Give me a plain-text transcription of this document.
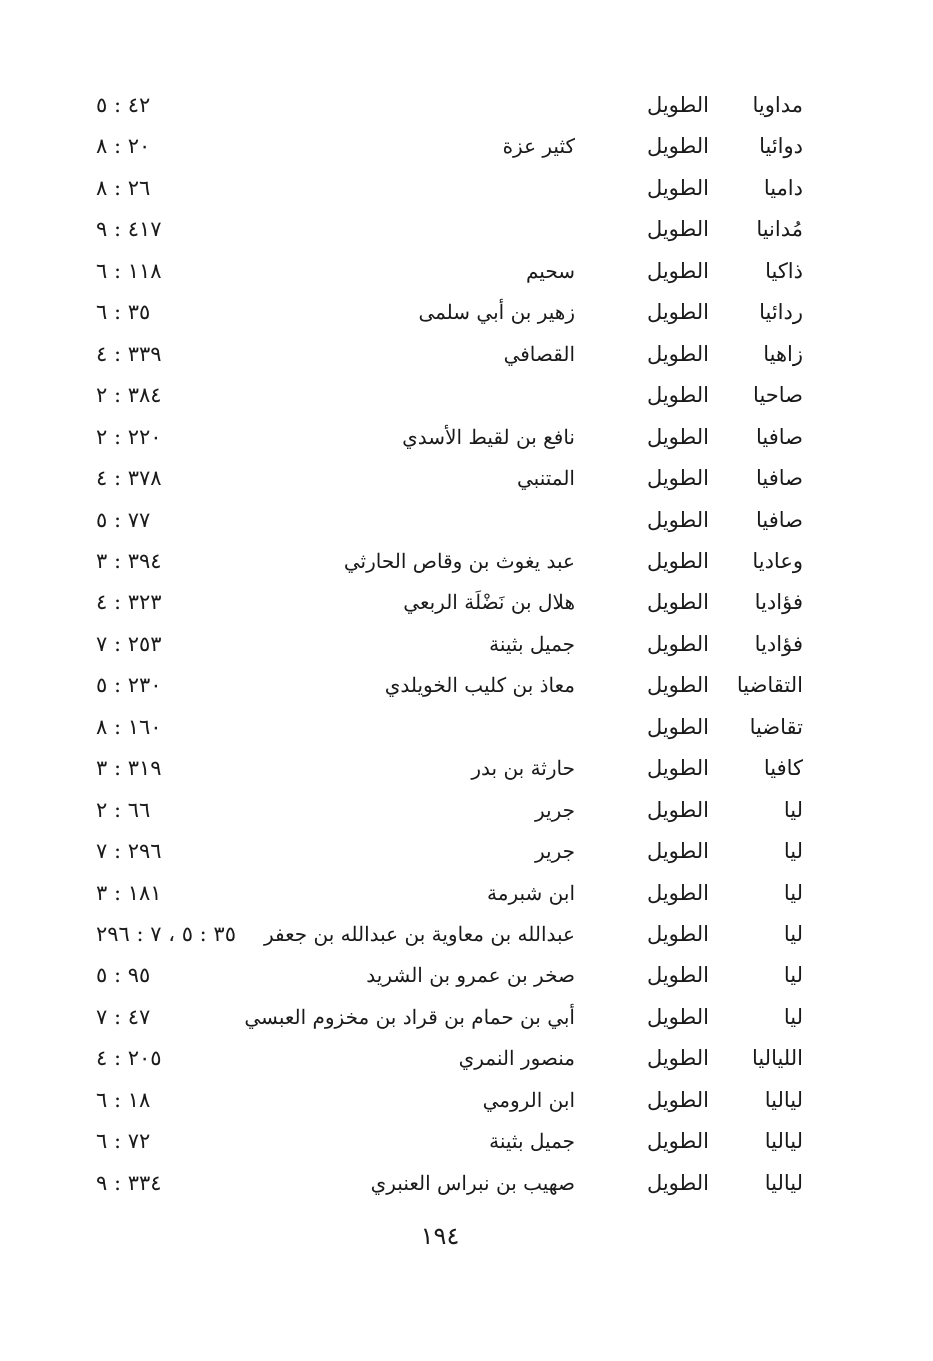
مداويا
الطويل
٤٢ : ٥
دوائيا
الطويل
كثير عزة
٢٠ : ٨
داميا
الطويل
٢٦ : ٨
مُدانيا
الطويل
٤١٧ : ٩
ذاكيا
الطويل
سحيم
١١٨ : ٦
ردائيا
الطويل
زهير بن أبي سلمى
٣٥ : ٦
زاهيا
الطويل
القصافي
٣٣٩ : ٤
صاحيا
الطويل
٣٨٤ : ٢
صافيا
الطويل
نافع بن لقيط الأسدي
٢٢٠ : ٢
صافيا
الطويل
المتنبي
٣٧٨ : ٤
صافيا
الطويل
٧٧ : ٥
وعاديا
الطويل
عبد يغوث بن وقاص الحارثي
٣٩٤ : ٣
فؤاديا
الطويل
هلال بن نَضْلَة الربعي
٣٢٣ : ٤
فؤاديا
الطويل
جميل بثينة
٢٥٣ : ٧
التقاضيا
الطويل
معاذ بن كليب الخويلدي
٢٣٠ : ٥
تقاضيا
الطويل
١٦٠ : ٨
كافيا
الطويل
حارثة بن بدر
٣١٩ : ٣
ليا
الطويل
جرير
٦٦ : ٢
ليا
الطويل
جرير
٢٩٦ : ٧
ليا
الطويل
ابن شبرمة
١٨١ : ٣
ليا
الطويل
عبدالله بن معاوية بن عبدالله بن جعفر
٣٥ : ٥ ، ٧ : ٢٩٦
ليا
الطويل
صخر بن عمرو بن الشريد
٩٥ : ٥
ليا
الطويل
أبي بن حمام بن قراد بن مخزوم العبسي
٤٧ : ٧
اللياليا
الطويل
منصور النمري
٢٠٥ : ٤
لياليا
الطويل
ابن الرومي
١٨ : ٦
لياليا
الطويل
جميل بثينة
٧٢ : ٦
لياليا
الطويل
صهيب بن نبراس العنبري
٣٣٤ : ٩
١٩٤
